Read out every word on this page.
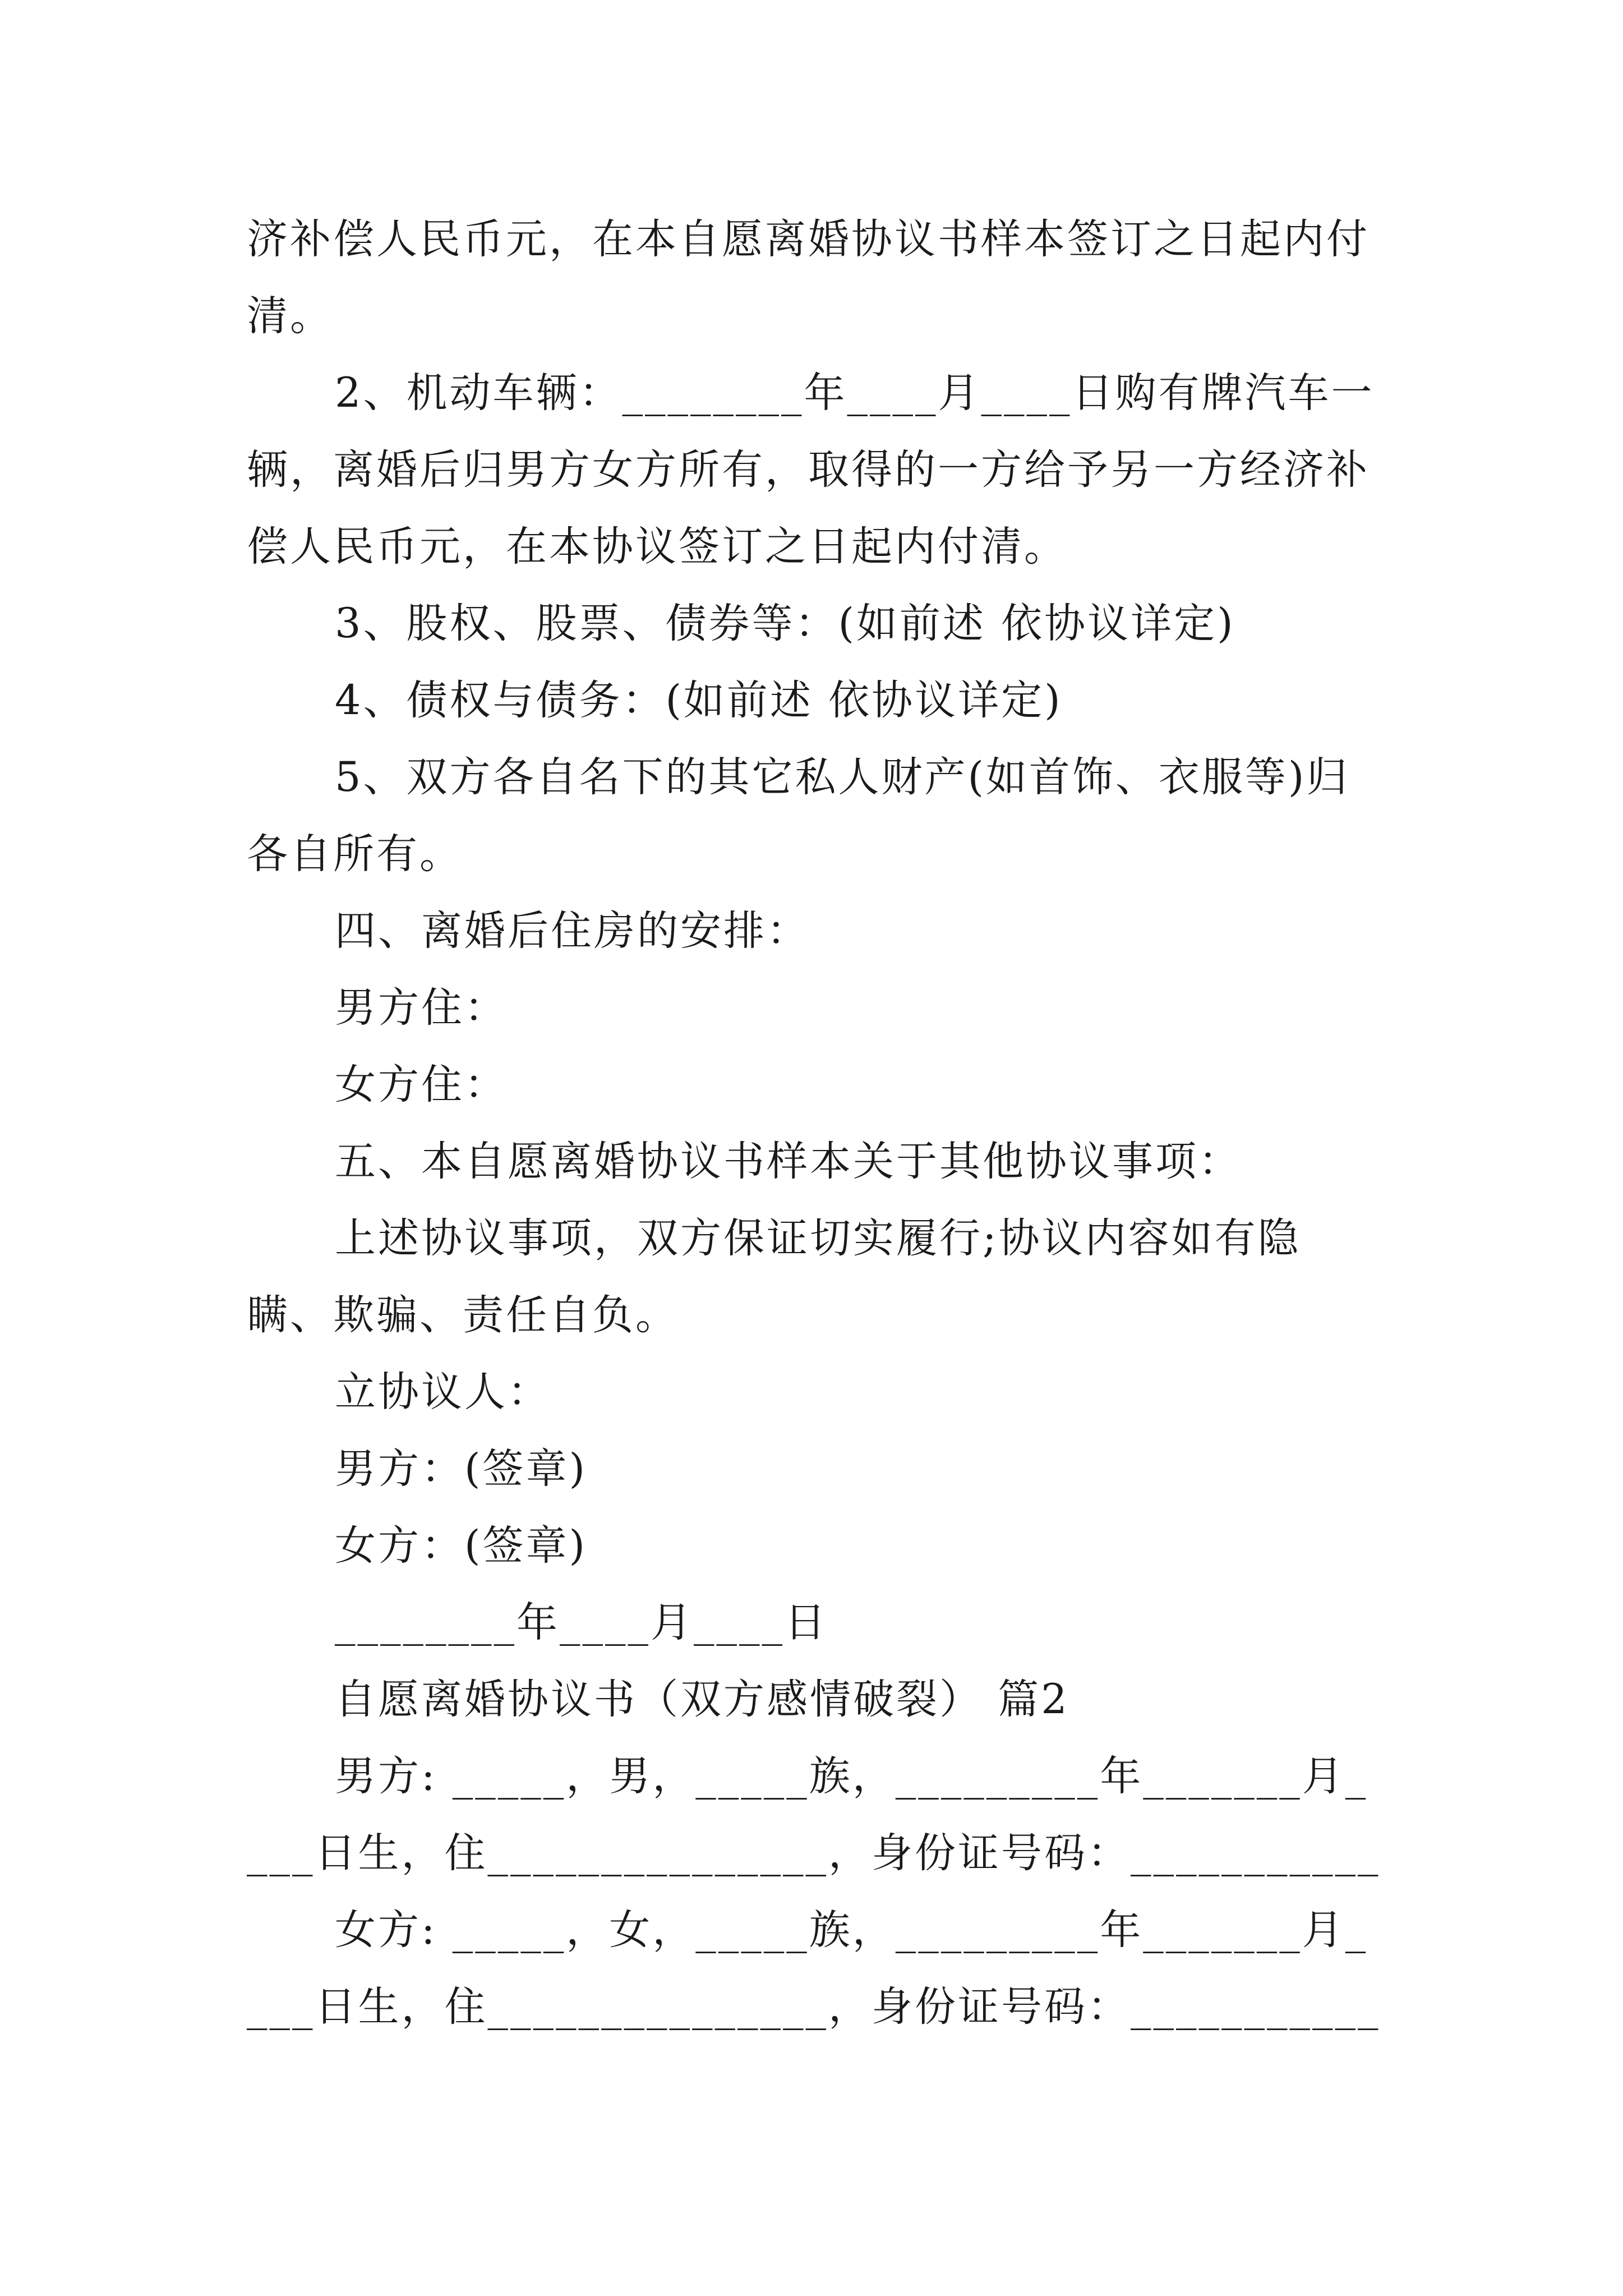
济补偿人民币元，在本自愿离婚协议书样本签订之日起内付清。

2、机动车辆：________年____月____日购有牌汽车一辆，离婚后归男方女方所有，取得的一方给予另一方经济补偿人民币元，在本协议签订之日起内付清。

3、股权、股票、债券等：(如前述 依协议详定)

4、债权与债务：(如前述 依协议详定)

5、双方各自名下的其它私人财产(如首饰、衣服等)归各自所有。

四、离婚后住房的安排：

男方住：

女方住：

五、本自愿离婚协议书样本关于其他协议事项：

上述协议事项，双方保证切实履行;协议内容如有隐瞒、欺骗、责任自负。

立协议人：

男方：(签章)

女方：(签章)

________年____月____日

自愿离婚协议书（双方感情破裂） 篇2

男方: _____，男，_____族，_________年_______月____日生，住_______________，身份证号码：___________

女方: _____，女，_____族，_________年_______月____日生，住_______________，身份证号码：___________
